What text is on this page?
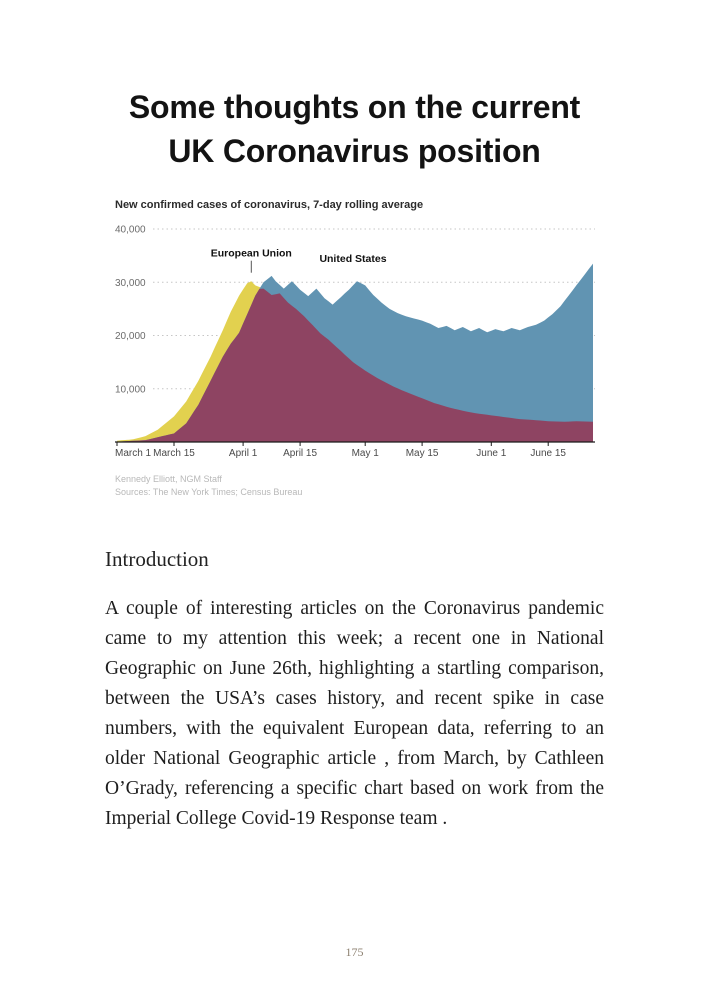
Some thoughts on the current UK Coronavirus position
New confirmed cases of coronavirus, 7-day rolling average
March 1 March 15	April 1	April 15	May 1	May 15	June 1 June 15
European Union	United States
10,000
20,000
30,000
40,000
Kennedy Elliott, NGM Staff
Sources: The New York Times; Census Bureau
Introduction

A couple of interesting articles on the Coronavirus pandemic came to my attention this week; a recent one in National Geographic on June 26th, highlighting a startling comparison, between the USA’s cases history, and recent spike in case numbers, with the equivalent European data, referring to an older National Geographic article , from March, by Cathleen O’Grady, referencing a specific chart based on work from the Imperial College Covid-19 Response team .

175
